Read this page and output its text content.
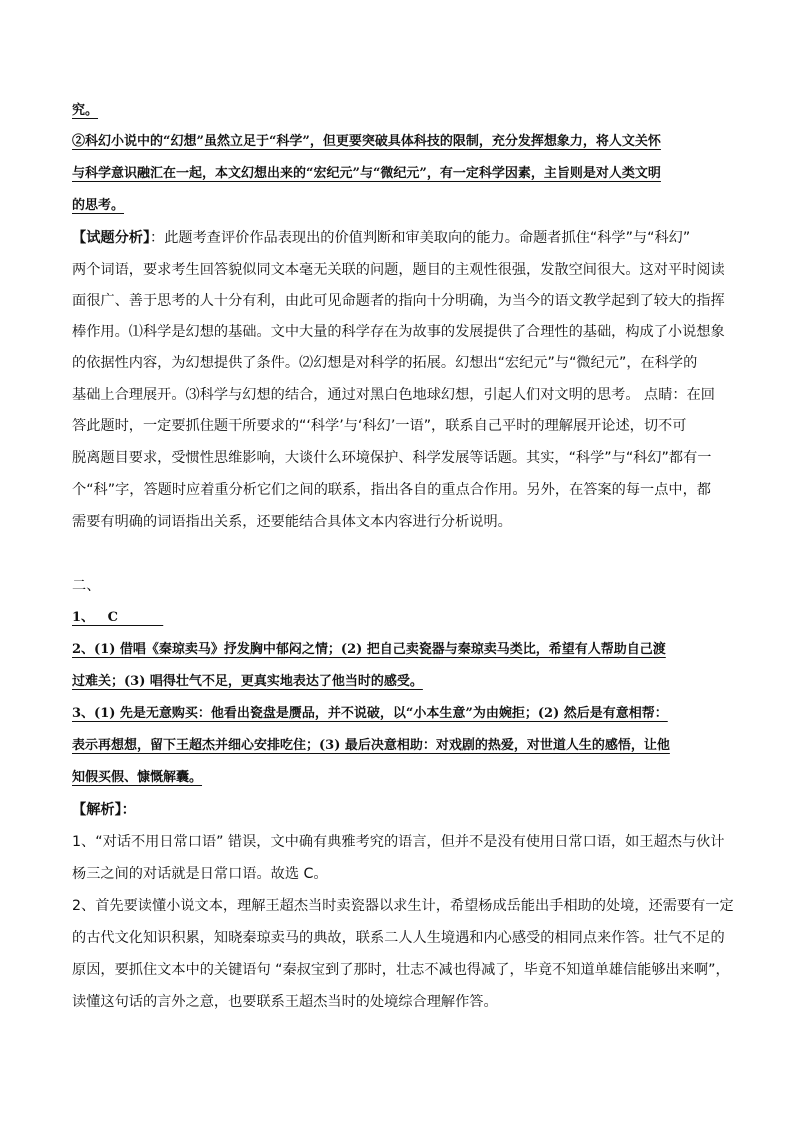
究。
②科幻小说中的“幻想”虽然立足于“科学”，但更要突破具体科技的限制，充分发挥想象力，将人文关怀
与科学意识融汇在一起，本文幻想出来的“宏纪元”与“微纪元”，有一定科学因素，主旨则是对人类文明
的思考。
【试题分析】：此题考查评价作品表现出的价值判断和审美取向的能力。命题者抓住“科学”与“科幻”
两个词语，要求考生回答貌似同文本毫无关联的问题，题目的主观性很强，发散空间很大。这对平时阅读
面很广、善于思考的人十分有利，由此可见命题者的指向十分明确，为当今的语文教学起到了较大的指挥
棒作用。⑴科学是幻想的基础。文中大量的科学存在为故事的发展提供了合理性的基础，构成了小说想象
的依据性内容，为幻想提供了条件。⑵幻想是对科学的拓展。幻想出“宏纪元”与“微纪元”，在科学的
基础上合理展开。⑶科学与幻想的结合，通过对黑白色地球幻想，引起人们对文明的思考。 点睛：在回
答此题时，一定要抓住题干所要求的“‘科学’与‘科幻’一语”，联系自己平时的理解展开论述，切不可
脱离题目要求，受惯性思维影响，大谈什么环境保护、科学发展等话题。其实，“科学”与“科幻”都有一
个“科”字，答题时应着重分析它们之间的联系，指出各自的重点合作用。另外，在答案的每一点中，都
需要有明确的词语指出关系，还要能结合具体文本内容进行分析说明。
二、
1、   C
2、(1) 借唱《秦琼卖马》抒发胸中郁闷之情；(2) 把自己卖瓷器与秦琼卖马类比，希望有人帮助自己渡
过难关；(3) 唱得壮气不足，更真实地表达了他当时的感受。
3、(1) 先是无意购买：他看出瓷盘是赝品，并不说破，以“小本生意”为由婉拒；(2) 然后是有意相帮：
表示再想想，留下王超杰并细心安排吃住；(3) 最后决意相助：对戏剧的热爱，对世道人生的感悟，让他
知假买假、慷慨解囊。
【解析】：
1、“对话不用日常口语” 错误，文中确有典雅考究的语言，但并不是没有使用日常口语，如王超杰与伙计
杨三之间的对话就是日常口语。故选 C。
2、首先要读懂小说文本，理解王超杰当时卖瓷器以求生计，希望杨成岳能出手相助的处境，还需要有一定
的古代文化知识积累，知晓秦琼卖马的典故，联系二人人生境遇和内心感受的相同点来作答。壮气不足的
原因，要抓住文本中的关键语句 “秦叔宝到了那时，壮志不减也得减了，毕竟不知道单雄信能够出来啊”，
读懂这句话的言外之意，也要联系王超杰当时的处境综合理解作答。
